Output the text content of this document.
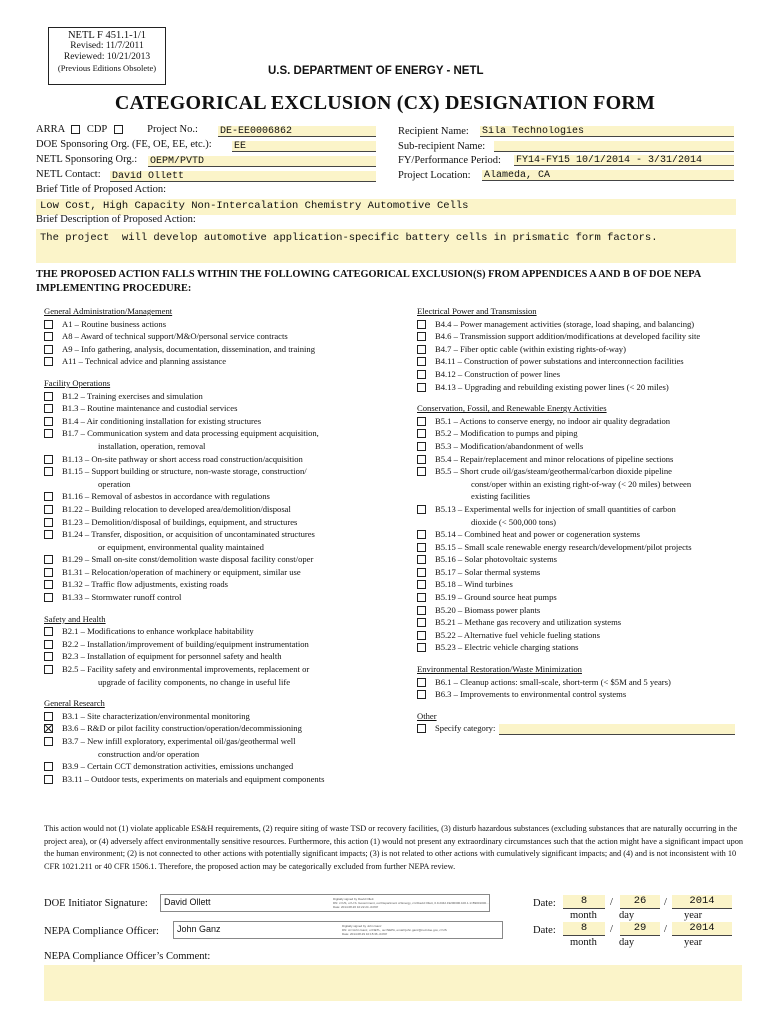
NETL F 451.1-1/1
Revised: 11/7/2011
Reviewed: 10/21/2013
(Previous Editions Obsolete)	U.S. DEPARTMENT OF ENERGY - NETL
CATEGORICAL EXCLUSION (CX) DESIGNATION FORM
ARRA CDP	Project No.: DE-EE0006862
DOE Sponsoring Org. (FE, OE, EE, etc.): EE
NETL Sponsoring Org.: OEPM/PVTD
NETL Contact: David Ollett
Recipient Name: Sila Technologies
Sub-recipient Name:
FY/Performance Period: FY14-FY15 10/1/2014 - 3/31/2014
Project Location: Alameda, CA
Brief Title of Proposed Action:
Low Cost, High Capacity Non-Intercalation Chemistry Automotive Cells
Brief Description of Proposed Action:
The project  will develop automotive application-specific battery cells in prismatic form factors.
THE PROPOSED ACTION FALLS WITHIN THE FOLLOWING CATEGORICAL EXCLUSION(S) FROM APPENDICES A AND B OF DOE NEPA IMPLEMENTING PROCEDURE:
General Administration/Management
A1 – Routine business actions
A8 – Award of technical support/M&O/personal service contracts
A9 – Info gathering, analysis, documentation, dissemination, and training
A11 – Technical advice and planning assistance
Facility Operations
B1.2 – Training exercises and simulation
B1.3 – Routine maintenance and custodial services
B1.4 – Air conditioning installation for existing structures
B1.7 – Communication system and data processing equipment acquisition,
installation, operation, removal
B1.13 – On-site pathway or short access road construction/acquisition
B1.15 – Support building or structure, non-waste storage, construction/
operation
B1.16 – Removal of asbestos in accordance with regulations
B1.22 – Building relocation to developed area/demolition/disposal
B1.23 – Demolition/disposal of buildings, equipment, and structures
B1.24 – Transfer, disposition, or acquisition of uncontaminated structures
or equipment, environmental quality maintained
B1.29 – Small on-site const/demolition waste disposal facility const/oper
B1.31 – Relocation/operation of machinery or equipment, similar use
B1.32 – Traffic flow adjustments, existing roads
B1.33 – Stormwater runoff control
Safety and Health
B2.1 – Modifications to enhance workplace habitability
B2.2 – Installation/improvement of building/equipment instrumentation
B2.3 – Installation of equipment for personnel safety and health
B2.5 – Facility safety and environmental improvements, replacement or
upgrade of facility components, no change in useful life
General Research
B3.1 – Site characterization/environmental monitoring
B3.6 – R&D or pilot facility construction/operation/decommissioning
B3.7 – New infill exploratory, experimental oil/gas/geothermal well
construction and/or operation
B3.9 – Certain CCT demonstration activities, emissions unchanged
B3.11 – Outdoor tests, experiments on materials and equipment components
Electrical Power and Transmission
B4.4 – Power management activities (storage, load shaping, and balancing)
B4.6 – Transmission support addition/modifications at developed facility site
B4.7 – Fiber optic cable (within existing rights-of-way)
B4.11 – Construction of power substations and interconnection facilities
B4.12 – Construction of power lines
B4.13 – Upgrading and rebuilding existing power lines (< 20 miles)
Conservation, Fossil, and Renewable Energy Activities
B5.1 – Actions to conserve energy, no indoor air quality degradation
B5.2 – Modification to pumps and piping
B5.3 – Modification/abandonment of wells
B5.4 – Repair/replacement and minor relocations of pipeline sections
B5.5 – Short crude oil/gas/steam/geothermal/carbon dioxide pipeline
const/oper within an existing right-of-way (< 20 miles) between
existing facilities
B5.13 – Experimental wells for injection of small quantities of carbon
dioxide (< 500,000 tons)
B5.14 – Combined heat and power or cogeneration systems
B5.15 – Small scale renewable energy research/development/pilot projects
B5.16 – Solar photovoltaic systems
B5.17 – Solar thermal systems
B5.18 – Wind turbines
B5.19 – Ground source heat pumps
B5.20 – Biomass power plants
B5.21 – Methane gas recovery and utilization systems
B5.22 – Alternative fuel vehicle fueling stations
B5.23 – Electric vehicle charging stations
Environmental Restoration/Waste Minimization
B6.1 – Cleanup actions: small-scale, short-term (< $5M and 5 years)
B6.3 – Improvements to environmental control systems
Other
Specify category:
This action would not (1) violate applicable ES&H requirements, (2) require siting of waste TSD or recovery facilities, (3) disturb hazardous substances (excluding substances that are naturally occurring in the project area), or (4) adversely affect environmentally sensitive resources. Furthermore, this action (1) would not present any extraordinary circumstances such that the action might have a significant impact upon the human environment; (2) is not connected to other actions with potentially significant impacts; (3) is not related to other actions with cumulatively significant impacts; and (4) and is not inconsistent with 10 CFR 1021.211 or 40 CFR 1506.1. Therefore, the proposed action may be categorically excluded from further NEPA review.
DOE Initiator Signature: David Ollett	Digitally signed by David Ollett
DN: c=US, o=U.S. Government, ou=Department of Energy, cn=David Ollett, 0.9.2342.19200300.100.1.1=89001000...
Date: 2014.08.26 10:22:24 -04'00'
NEPA Compliance Officer: John Ganz	Digitally signed by John Ganz
DN: cn=John Ganz, o=NETL, ou=NEPA, email=john.ganz@netl.doe.gov, c=US
Date: 2014.08.29 10:15:36 -04'00'
Date:	8	/	26	/	2014
month day	year
Date:	8	/	29	/	2014
month day	year
NEPA Compliance Officer’s Comment:
